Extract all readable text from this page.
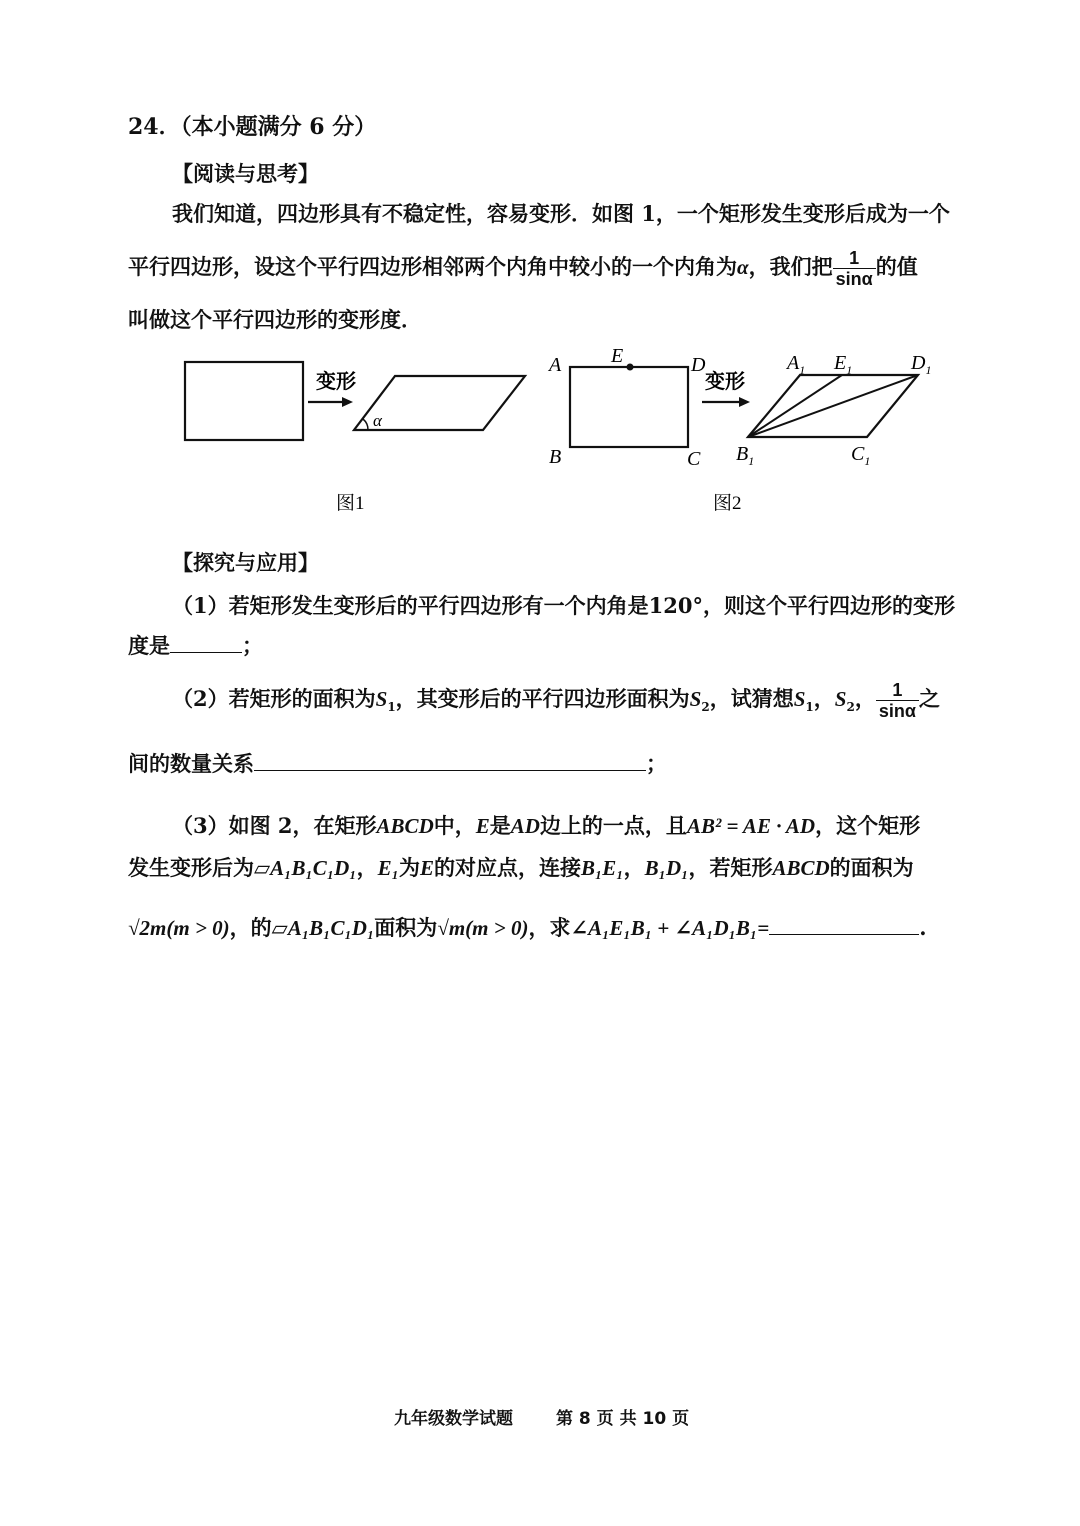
24．（本小题满分 6 分）
【阅读与思考】
我们知道，四边形具有不稳定性，容易变形．如图 1，一个矩形发生变形后成为一个
平行四边形，设这个平行四边形相邻两个内角中较小的一个内角为α，我们把 $\frac{1}{\sin\alpha}$ 的值
叫做这个平行四边形的变形度．
变形
α
图1
A E	D
B	C
变形
$A_1$ $E_1$	$D_1$
$B_1$	$C_1$
图2
【探究与应用】
（1）若矩形发生变形后的平行四边形有一个内角是120°，则这个平行四边形的变形
度是	；
（2）若矩形的面积为$S_1$，其变形后的平行四边形面积为$S_2$，试猜想$S_1$，$S_2$， $\frac{1}{\sin\alpha}$ 之
间的数量关系	；
（3）如图 2，在矩形ABCD中，E是AD边上的一点，且AB² = AE · AD，这个矩形
发生变形后为▱A₁B₁C₁D₁，E₁为E的对应点，连接B₁E₁，B₁D₁，若矩形ABCD的面积为
√2m(m > 0)，的▱A₁B₁C₁D₁面积为√m(m > 0)，求∠A₁E₁B₁ + ∠A₁D₁B₁=	.
九年级数学试题	第 8 页 共 10 页
